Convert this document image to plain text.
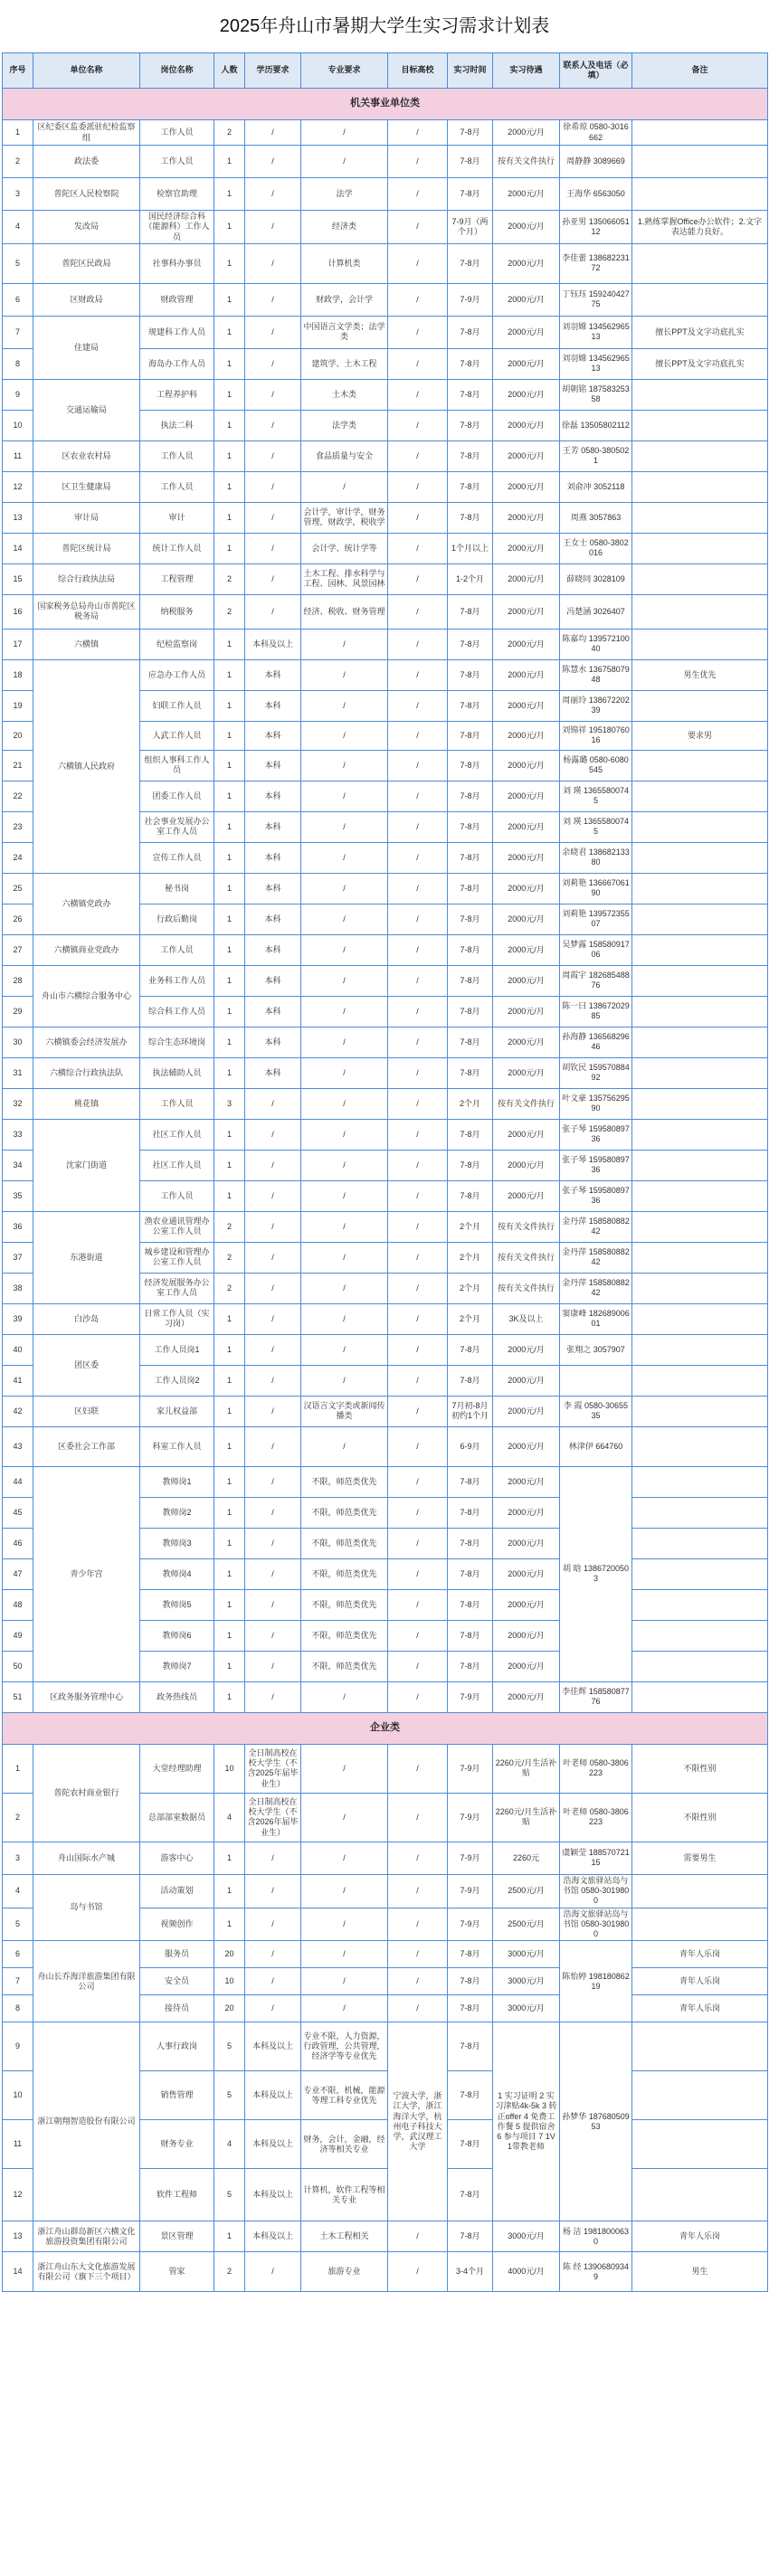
2025年舟山市暑期大学生实习需求计划表
序号	单位名称	岗位名称	人数	学历要求	专业要求	目标高校	实习时间	实习待遇	联系人及电话（必填）	备注
机关事业单位类										
1	区纪委区监委派驻纪检监察组	工作人员	2	/	/	/	7-8月	2000元/月	徐希琼 0580-3016662	
2	政法委	工作人员	1	/	/	/	7-8月	按有关文件执行	周静静 3089669	
3	普陀区人民检察院	检察官助理	1	/	法学	/	7-8月	2000元/月	王海华 6563050	
4	发改局	国民经济综合科（能源科）工作人员	1	/	经济类	/	7-9月（两个月）	2000元/月	孙亚男 13506605112	1.熟练掌握Office办公软件；2.文字表达能力良好。
5	普陀区民政局	社事科办事员	1	/	计算机类	/	7-8月	2000元/月	李佳蕾 13868223172	
6	区财政局	财政管理	1	/	财政学，会计学	/	7-9月	2000元/月	丁钰珏 15924042775	
7	住建局	规建科工作人员	1	/	中国语言文学类；法学类	/	7-8月	2000元/月	刘羽嫦 13456296513	擅长PPT及文字功底扎实
8		海岛办工作人员	1	/	建筑学、土木工程	/	7-8月	2000元/月	刘羽嫦 13456296513	擅长PPT及文字功底扎实
9	交通运输局	工程养护科	1	/	土木类	/	7-8月	2000元/月	胡朝铭 18758325358	
10		执法二科	1	/	法学类	/	7-8月	2000元/月	徐磊 13505802112	
11	区农业农村局	工作人员	1	/	食品质量与安全	/	7-8月	2000元/月	王芳 0580-3805021	
12	区卫生健康局	工作人员	1	/	/	/	7-8月	2000元/月	刘俞冲 3052118	
13	审计局	审计	1	/	会计学，审计学，财务管理，财政学，税收学	/	7-8月	2000元/月	周燕 3057863	
14	普陀区统计局	统计工作人员	1	/	会计学、统计学等	/	1个月以上	2000元/月	王女士 0580-3802016	
15	综合行政执法局	工程管理	2	/	土木工程、排水科学与工程、园林、风景园林	/	1-2个月	2000元/月	薛晓同 3028109	
16	国家税务总局舟山市普陀区税务局	纳税服务	2	/	经济、税收、财务管理	/	7-8月	2000元/月	冯楚涵 3026407	
17	六横镇	纪检监察岗	1	本科及以上	/	/	7-8月	2000元/月	陈嘉均 13957210040	
18	六横镇人民政府	应急办工作人员	1	本科	/	/	7-8月	2000元/月	陈慧水 13675807948	男生优先
19		妇联工作人员	1	本科	/	/	7-8月	2000元/月	周丽玲 13867220239	
20		人武工作人员	1	本科	/	/	7-8月	2000元/月	刘锦祥 19518076016	要求男
21		组织人事科工作人员	1	本科	/	/	7-8月	2000元/月	杨露璐 0580-6080545	
22		团委工作人员	1	本科	/	/	7-8月	2000元/月	刘 瑛 13655800745	
23		社会事业发展办公室工作人员	1	本科	/	/	7-8月	2000元/月	刘 瑛 13655800745	
24		宣传工作人员	1	本科	/	/	7-8月	2000元/月	余晓君 13868213380	
25	六横镇党政办	秘书岗	1	本科	/	/	7-8月	2000元/月	刘莉艳 13666706190	
26		行政后勤岗	1	本科	/	/	7-8月	2000元/月	刘莉艳 13957235507	
27	六横镇商业党政办	工作人员	1	本科	/	/	7-8月	2000元/月	吴梦露 15858091706	
28	舟山市六横综合服务中心	业务科工作人员	1	本科	/	/	7-8月	2000元/月	周霞宇 18268548876	
29		综合科工作人员	1	本科	/	/	7-8月	2000元/月	陈一曰 13867202985	
30	六横镇委会经济发展办	综合生态环境岗	1	本科	/	/	7-8月	2000元/月	孙海静 13656829646	
31	六横综合行政执法队	执法辅助人员	1	本科	/	/	7-8月	2000元/月	胡钦民 15957088492	
32	桃花镇	工作人员	3	/	/	/	2个月	按有关文件执行	叶文豪 13575629590	
33	沈家门街道	社区工作人员	1	/	/	/	7-8月	2000元/月	张子琴 15958089736	
34		社区工作人员	1	/	/	/	7-8月	2000元/月	张子琴 15958089736	
35		工作人员	1	/	/	/	7-8月	2000元/月	张子琴 15958089736	
36	东港街道	渔农业通讯管理办公室工作人员	2	/	/	/	2个月	按有关文件执行	金丹萍 15858088242	
37		城乡建设和管理办公室工作人员	2	/	/	/	2个月	按有关文件执行	金丹萍 15858088242	
38		经济发展服务办公室工作人员	2	/	/	/	2个月	按有关文件执行	金丹萍 15858088242	
39	白沙岛	日常工作人员（实习岗）	1	/	/	/	2个月	3K及以上	窦康峰 18268900601	
40	团区委	工作人员岗1	1	/	/	/	7-8月	2000元/月	张翔之 3057907	
41		工作人员岗2	1	/	/	/	7-8月	2000元/月		
42	区妇联	家儿权益部	1	/	汉语言文字类或新闻传播类	/	7月初-8月初约1个月	2000元/月	李 霞 0580-3065535	
43	区委社会工作部	科室工作人员	1	/	/	/	6-9月	2000元/月	林津伊 664760	
44	青少年宫	教师岗1	1	/	不限，师范类优先	/	7-8月	2000元/月	胡 晗 13867200503	
45		教师岗2	1	/	不限，师范类优先	/	7-8月	2000元/月		
46		教师岗3	1	/	不限，师范类优先	/	7-8月	2000元/月		
47		教师岗4	1	/	不限，师范类优先	/	7-8月	2000元/月		
48		教师岗5	1	/	不限，师范类优先	/	7-8月	2000元/月		
49		教师岗6	1	/	不限，师范类优先	/	7-8月	2000元/月		
50		教师岗7	1	/	不限，师范类优先	/	7-8月	2000元/月		
51	区政务服务管理中心	政务热线员	1	/	/	/	7-9月	2000元/月	李佳辉 15858087776	
企业类										
1	普陀农村商业银行	大堂经理助理	10	全日制高校在校大学生（不含2025年届毕业生）	/	/	7-9月	2260元/月生活补贴	叶老师 0580-3806223	不限性别
2		总部部室数据员	4	全日制高校在校大学生（不含2026年届毕业生）	/	/	7-9月	2260元/月生活补贴	叶老师 0580-3806223	不限性别
3	舟山国际水产城	游客中心	1	/	/	/	7-9月	2260元	虞颖莹 18857072115	需要男生
4	岛与书馆	活动策划	1	/	/	/	7-9月	2500元/月	浩海文旅驿站岛与书馆 0580-3019800	
5		视频创作	1	/	/	/	7-9月	2500元/月	浩海文旅驿站岛与书馆 0580-3019800	
6	舟山长乔海洋旅游集团有限公司	服务员	20	/	/	/	7-8月	3000元/月	陈怡婷 19818086219	青年人乐岗
7		安全员	10	/	/	/	7-8月	3000元/月		青年人乐岗
8		接待员	20	/	/	/	7-8月	3000元/月		青年人乐岗
9	浙江朝翔智造股份有限公司	人事行政岗	5	本科及以上	专业不限，人力资源，行政管理，公共管理，经济学等专业优先	宁波大学，浙江大学，浙江海洋大学，杭州电子科技大学，武汉理工大学	7-8月	1 实习证明 2 实习津贴4k-5k 3 转正offer 4 免费工作餐 5 提供宿舍 6 参与项目 7 1V1带教老师	孙梦华 18768050953	
10		销售管理	5	本科及以上	专业不限，机械，能源等理工科专业优先		7-8月			
11		财务专业	4	本科及以上	财务，会计，金融，经济等相关专业		7-8月			
12		软件工程师	5	本科及以上	计算机，软件工程等相关专业		7-8月			
13	浙江舟山群岛新区六横文化旅游投资集团有限公司	景区管理	1	本科及以上	土木工程相关	/	7-8月	3000元/月	杨 洁 19818000630	青年人乐岗
14	浙江舟山东大文化旅游发展有限公司（旗下三个项目）	管家	2	/	旅游专业	/	3-4个月	4000元/月	陈 经 13906809349	男生
